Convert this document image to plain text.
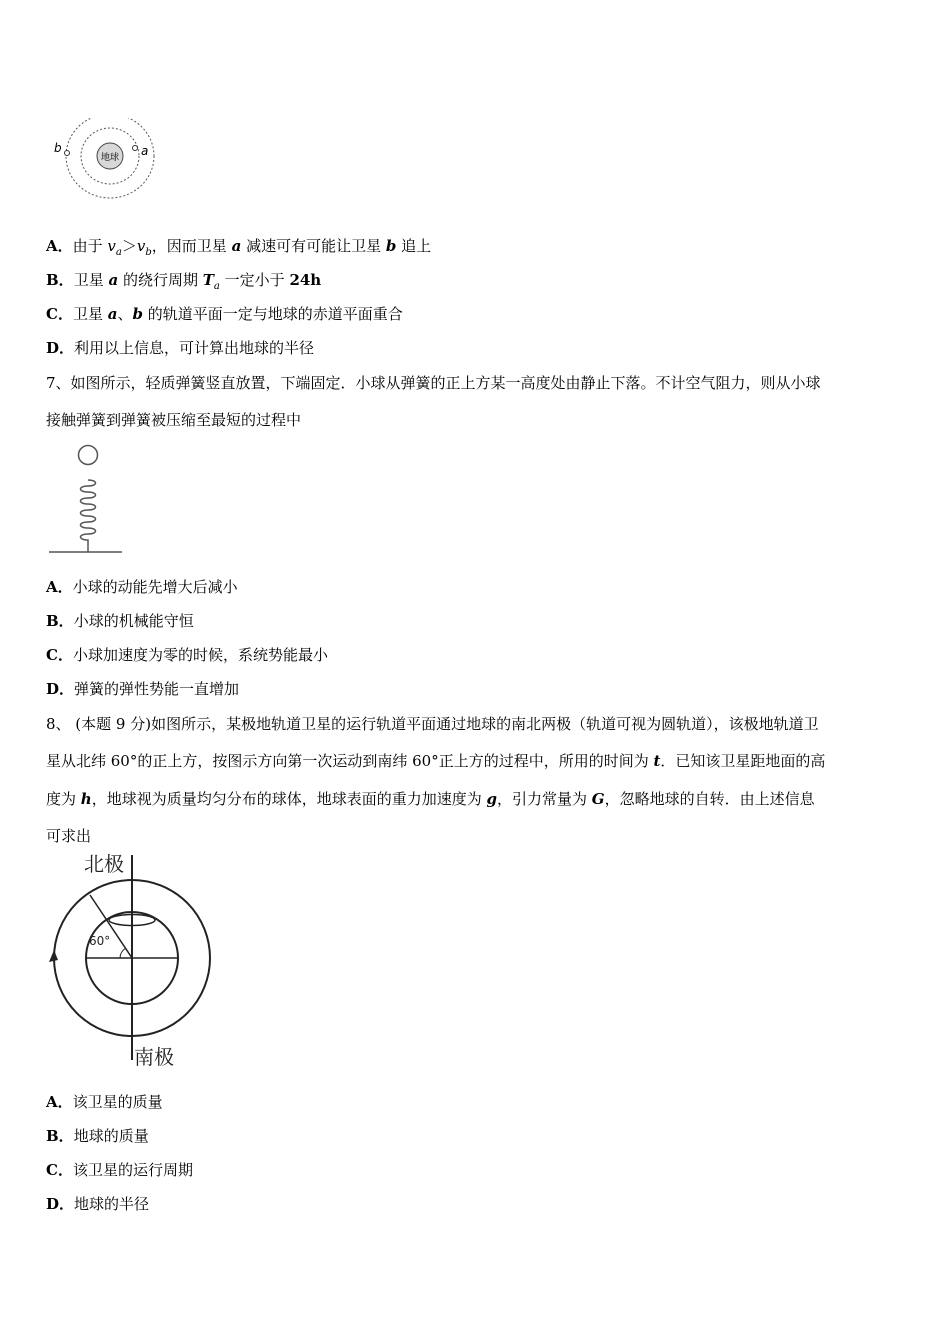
地球
b	a
A．由于 $v_a>v_b$，因而卫星 a 减速可有可能让卫星 b 追上
B．卫星 a 的绕行周期 $T_a$ 一定小于 24h
C．卫星 a、b 的轨道平面一定与地球的赤道平面重合
D．利用以上信息，可计算出地球的半径
7、如图所示，轻质弹簧竖直放置，下端固定．小球从弹簧的正上方某一高度处由静止下落。不计空气阻力，则从小球
接触弹簧到弹簧被压缩至最短的过程中
A．小球的动能先增大后减小
B．小球的机械能守恒
C．小球加速度为零的时候，系统势能最小
D．弹簧的弹性势能一直增加
8、 (本题 9 分)如图所示，某极地轨道卫星的运行轨道平面通过地球的南北两极（轨道可视为圆轨道），该极地轨道卫
星从北纬 60°的正上方，按图示方向第一次运动到南纬 60°正上方的过程中，所用的时间为 t．已知该卫星距地面的高
度为 h，地球视为质量均匀分布的球体，地球表面的重力加速度为 g，引力常量为 G，忽略地球的自转．由上述信息
可求出
60°
北极
南极
A．该卫星的质量
B．地球的质量
C．该卫星的运行周期
D．地球的半径
